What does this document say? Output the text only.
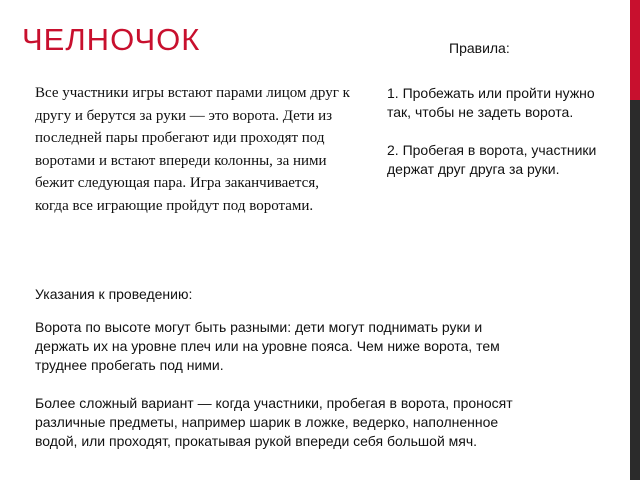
ЧЕЛНОЧОК	Правила:
Все участники игры встают парами лицом друг к другу и берутся за руки — это ворота. Дети из последней пары пробегают иди проходят под воротами и встают впереди колонны, за ними бежит следующая пара. Игра заканчивается, когда все играющие пройдут под воротами.
1. Пробежать или пройти нужно так, чтобы не задеть ворота.
2. Пробегая в ворота, участники держат друг друга за руки.
Указания к проведению:

Ворота по высоте могут быть разными: дети могут поднимать руки и держать их на уровне плеч или на уровне пояса. Чем ниже ворота, тем труднее пробегать под ними.

Более сложный вариант — когда участники, пробегая в ворота, проносят различные предметы, например шарик в ложке, ведерко, наполненное водой, или проходят, прокатывая рукой впереди себя большой мяч.
